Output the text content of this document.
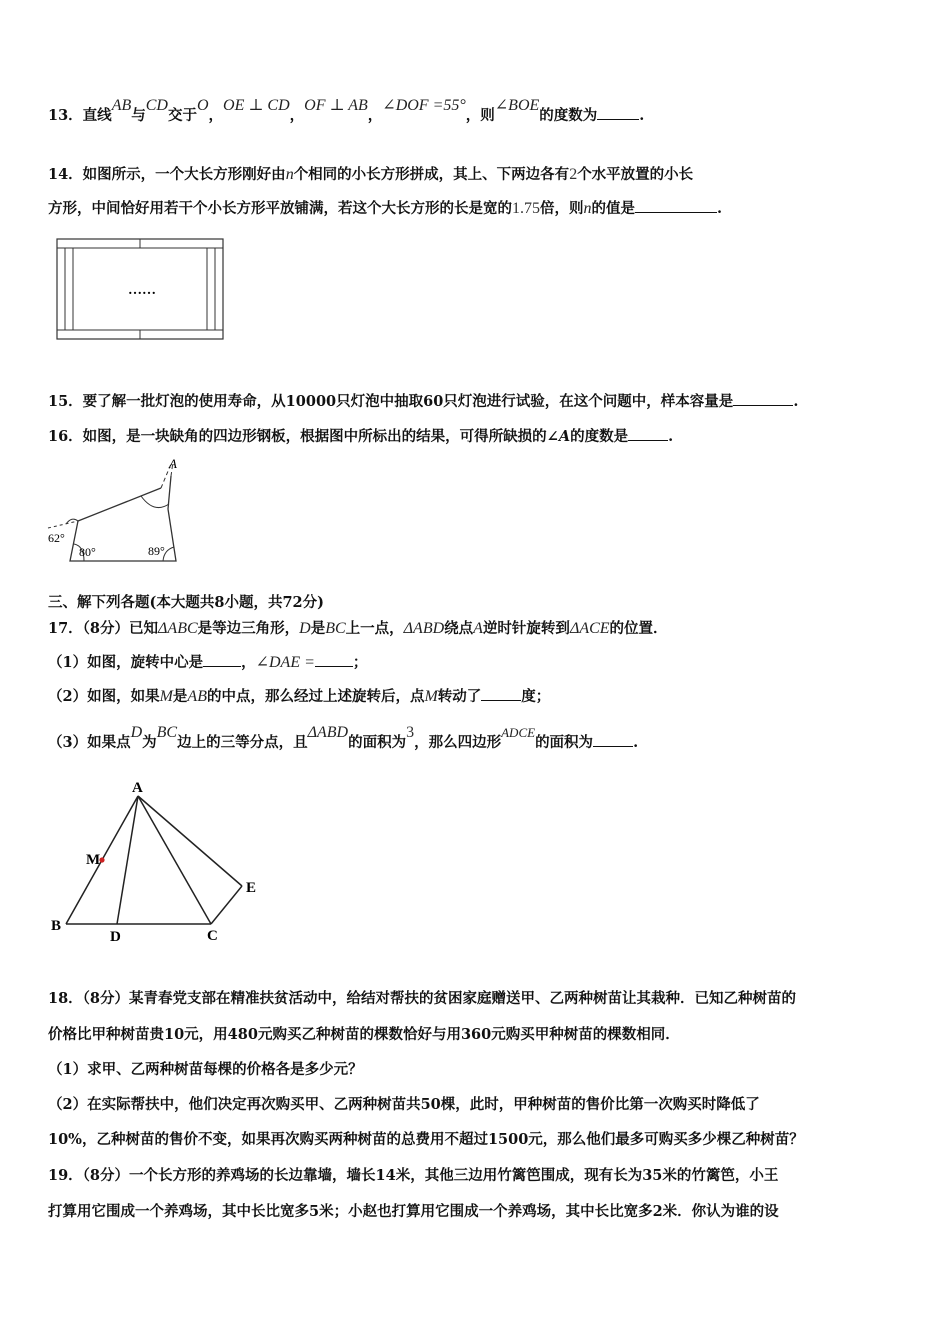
13．直线AB与CD交于O，OE ⊥ CD，OF ⊥ AB，∠DOF =55°，则∠BOE的度数为	.
14．如图所示，一个大长方形刚好由n个相同的小长方形拼成，其上、下两边各有2个水平放置的小长
方形，中间恰好用若干个小长方形平放铺满，若这个大长方形的长是宽的1.75倍，则n的值是	.
……
15．要了解一批灯泡的使用寿命，从10000只灯泡中抽取60只灯泡进行试验，在这个问题中，样本容量是	.
16．如图，是一块缺角的四边形钢板，根据图中所标出的结果，可得所缺损的∠A的度数是	.
A
62°
80°	89°
三、解下列各题(本大题共8小题，共72分)
17．（8分）已知ΔABC是等边三角形，D是BC上一点，ΔABD绕点A逆时针旋转到ΔACE的位置．
（1）如图，旋转中心是	，∠DAE =	；
（2）如图，如果M是AB的中点，那么经过上述旋转后，点M转动了	度；
（3）如果点D为BC边上的三等分点，且ΔABD的面积为3，那么四边形ADCE的面积为	.
A
M
B
D	C
E
18．（8分）某青春党支部在精准扶贫活动中，给结对帮扶的贫困家庭赠送甲、乙两种树苗让其栽种．已知乙种树苗的
价格比甲种树苗贵10元，用480元购买乙种树苗的棵数恰好与用360元购买甲种树苗的棵数相同．
（1）求甲、乙两种树苗每棵的价格各是多少元？
（2）在实际帮扶中，他们决定再次购买甲、乙两种树苗共50棵，此时，甲种树苗的售价比第一次购买时降低了
10%，乙种树苗的售价不变，如果再次购买两种树苗的总费用不超过1500元，那么他们最多可购买多少棵乙种树苗？
19．（8分）一个长方形的养鸡场的长边靠墙，墙长14米，其他三边用竹篱笆围成，现有长为35米的竹篱笆，小王
打算用它围成一个养鸡场，其中长比宽多5米；小赵也打算用它围成一个养鸡场，其中长比宽多2米．你认为谁的设
